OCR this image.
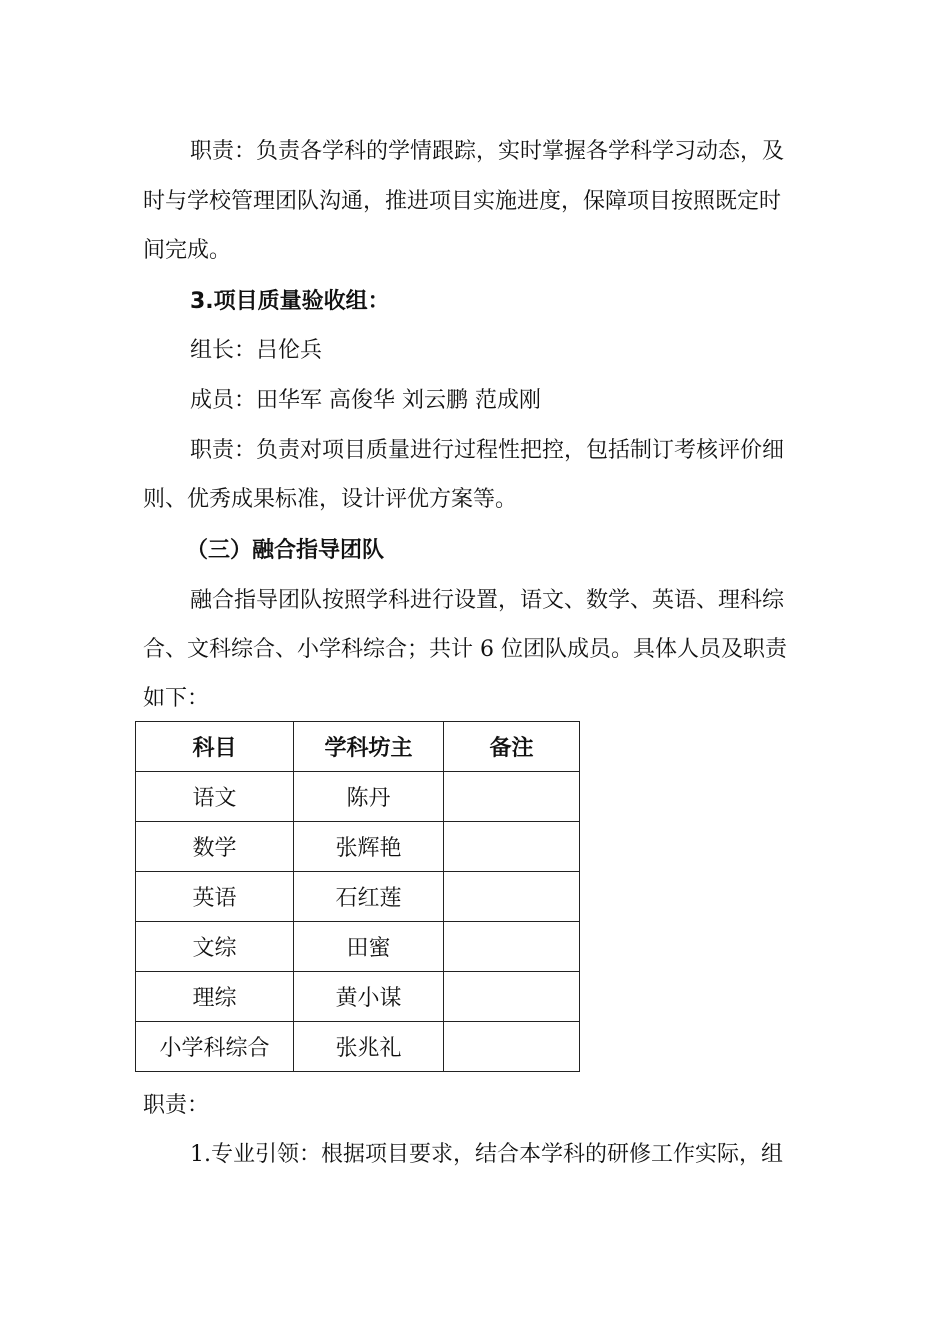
职责：负责各学科的学情跟踪，实时掌握各学科学习动态，及
时与学校管理团队沟通，推进项目实施进度，保障项目按照既定时
间完成。
3.项目质量验收组：
组长：吕伦兵
成员：田华军 高俊华 刘云鹏 范成刚
职责：负责对项目质量进行过程性把控，包括制订考核评价细
则、优秀成果标准，设计评优方案等。
（三）融合指导团队
融合指导团队按照学科进行设置，语文、数学、英语、理科综
合、文科综合、小学科综合；共计 6 位团队成员。具体人员及职责
如下：
科目	学科坊主	备注
语文	陈丹	
数学	张辉艳	
英语	石红莲	
文综	田蜜	
理综	黄小谋	
小学科综合	张兆礼	
职责：
1.专业引领：根据项目要求，结合本学科的研修工作实际，组
